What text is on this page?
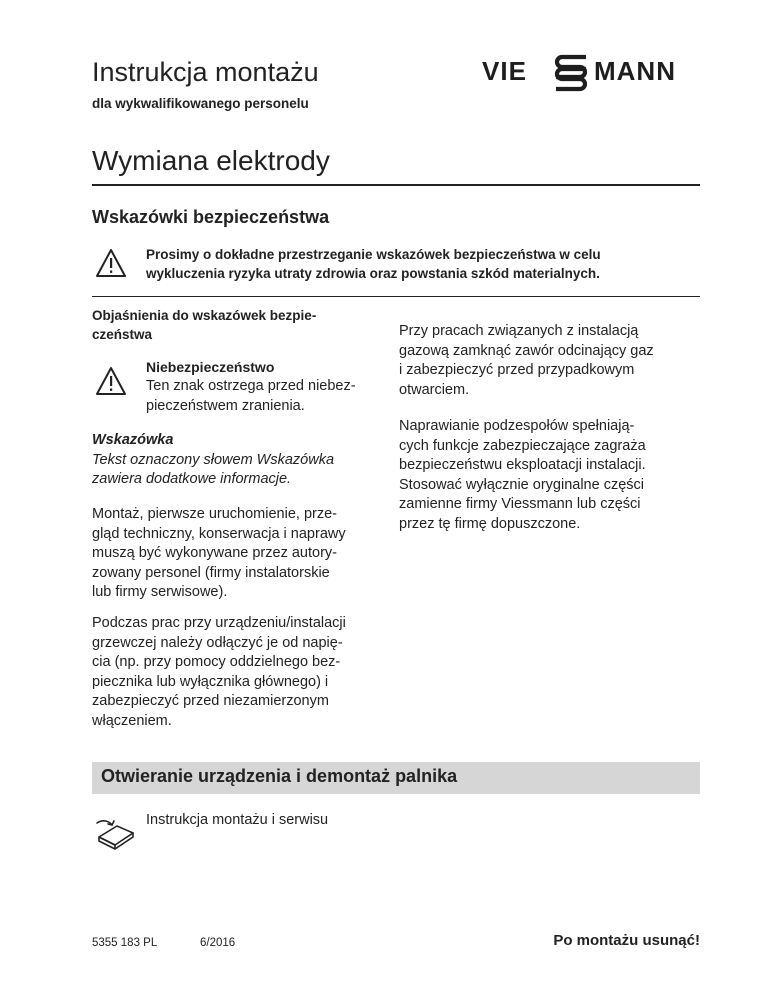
Instrukcja montażu
dla wykwalifikowanego personelu
VIE	MANN
Wymiana elektrody
Wskazówki bezpieczeństwa
Prosimy o dokładne przestrzeganie wskazówek bezpieczeństwa w celu
wykluczenia ryzyka utraty zdrowia oraz powstania szkód materialnych.
Objaśnienia do wskazówek bezpie-
czeństwa
Niebezpieczeństwo
Ten znak ostrzega przed niebez-
pieczeństwem zranienia.
Wskazówka
Tekst oznaczony słowem Wskazówka
zawiera dodatkowe informacje.
Montaż, pierwsze uruchomienie, prze-
gląd techniczny, konserwacja i naprawy
muszą być wykonywane przez autory-
zowany personel (firmy instalatorskie
lub firmy serwisowe).
Podczas prac przy urządzeniu/instalacji
grzewczej należy odłączyć je od napię-
cia (np. przy pomocy oddzielnego bez-
piecznika lub wyłącznika głównego) i
zabezpieczyć przed niezamierzonym
włączeniem.
Przy pracach związanych z instalacją
gazową zamknąć zawór odcinający gaz
i zabezpieczyć przed przypadkowym
otwarciem.
Naprawianie podzespołów spełniają-
cych funkcje zabezpieczające zagraża
bezpieczeństwu eksploatacji instalacji.
Stosować wyłącznie oryginalne części
zamienne firmy Viessmann lub części
przez tę firmę dopuszczone.
Otwieranie urządzenia i demontaż palnika
Instrukcja montażu i serwisu
5355 183 PL	6/2016	Po montażu usunąć!
